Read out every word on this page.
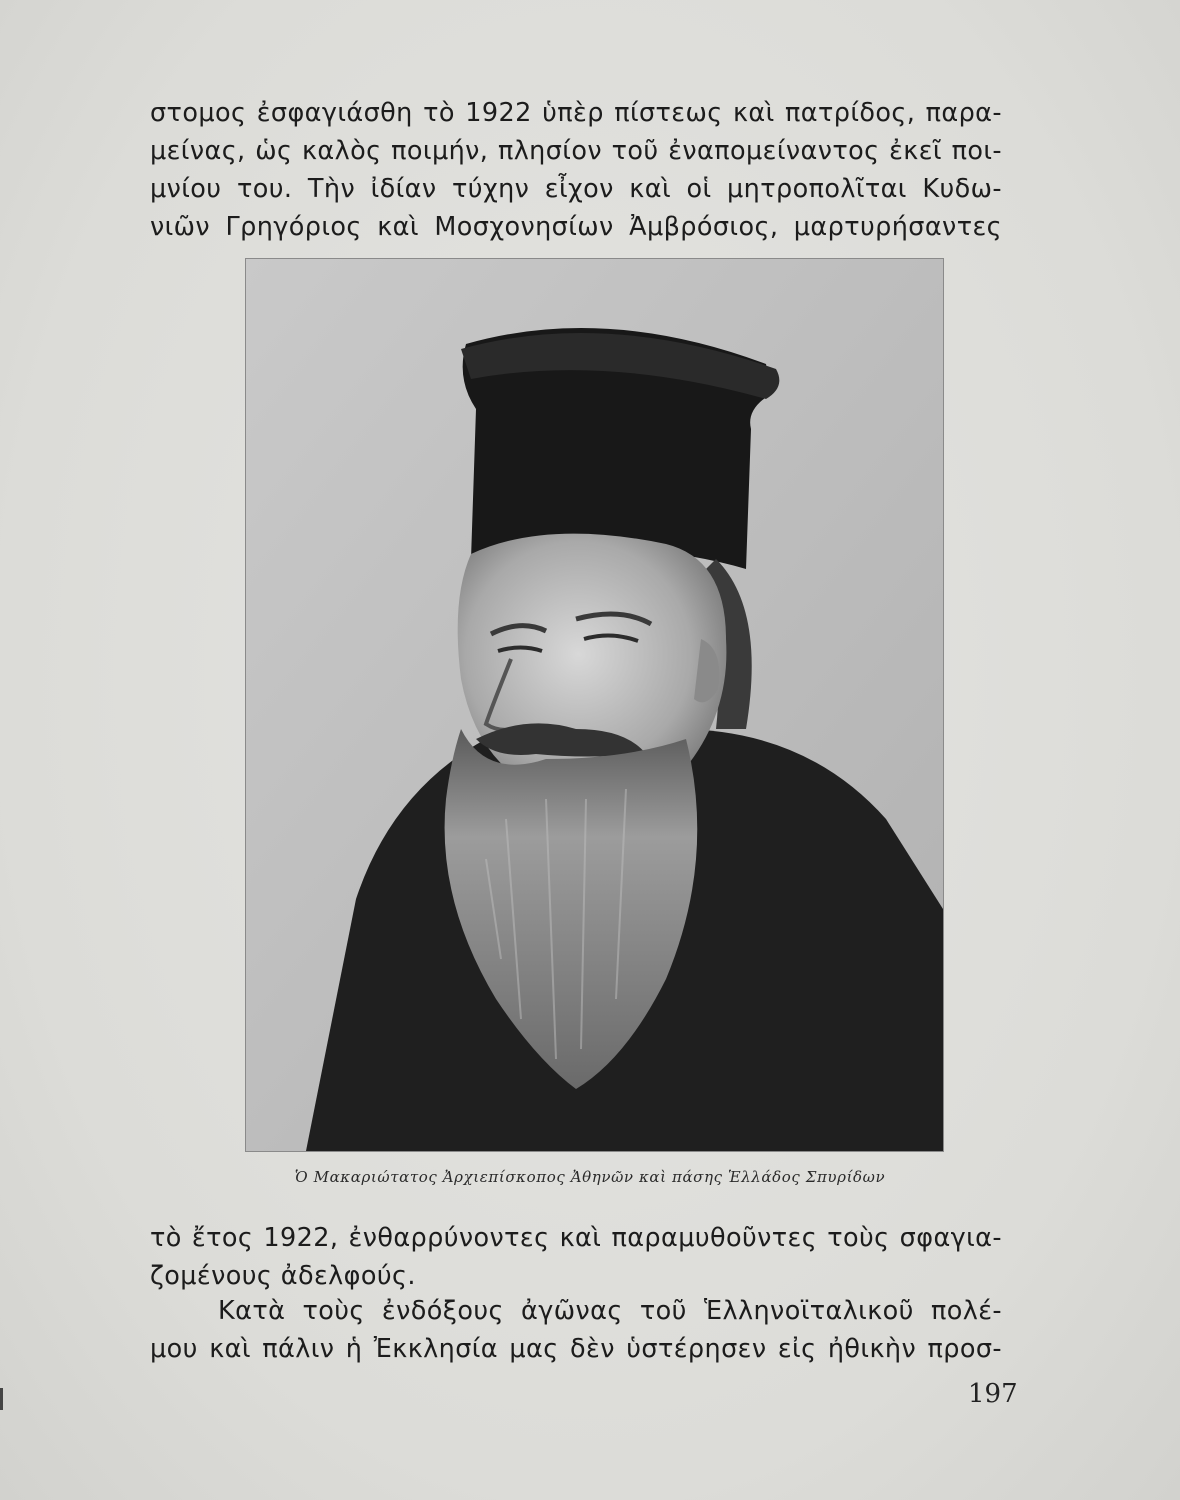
στομος ἐσφαγιάσθη τὸ 1922 ὑπὲρ πίστεως καὶ πατρίδος, παρα-
μείνας, ὡς καλὸς ποιμήν, πλησίον τοῦ ἐναπομείναντος ἐκεῖ ποι-
μνίου του. Τὴν ἰδίαν τύχην εἶχον καὶ οἱ μητροπολῖται Κυδω-
νιῶν Γρηγόριος καὶ Μοσχονησίων Ἀμβρόσιος, μαρτυρήσαντες
Ὁ Μακαριώτατος Ἀρχιεπίσκοπος Ἀθηνῶν καὶ πάσης Ἑλλάδος Σπυρίδων
τὸ ἔτος 1922, ἐνθαρρύνοντες καὶ παραμυθοῦντες τοὺς σφαγια-
ζομένους ἀδελφούς.
Κατὰ τοὺς ἐνδόξους ἀγῶνας τοῦ Ἑλληνοϊταλικοῦ πολέ-
μου καὶ πάλιν ἡ Ἐκκλησία μας δὲν ὑστέρησεν εἰς ἠθικὴν προσ-
197
